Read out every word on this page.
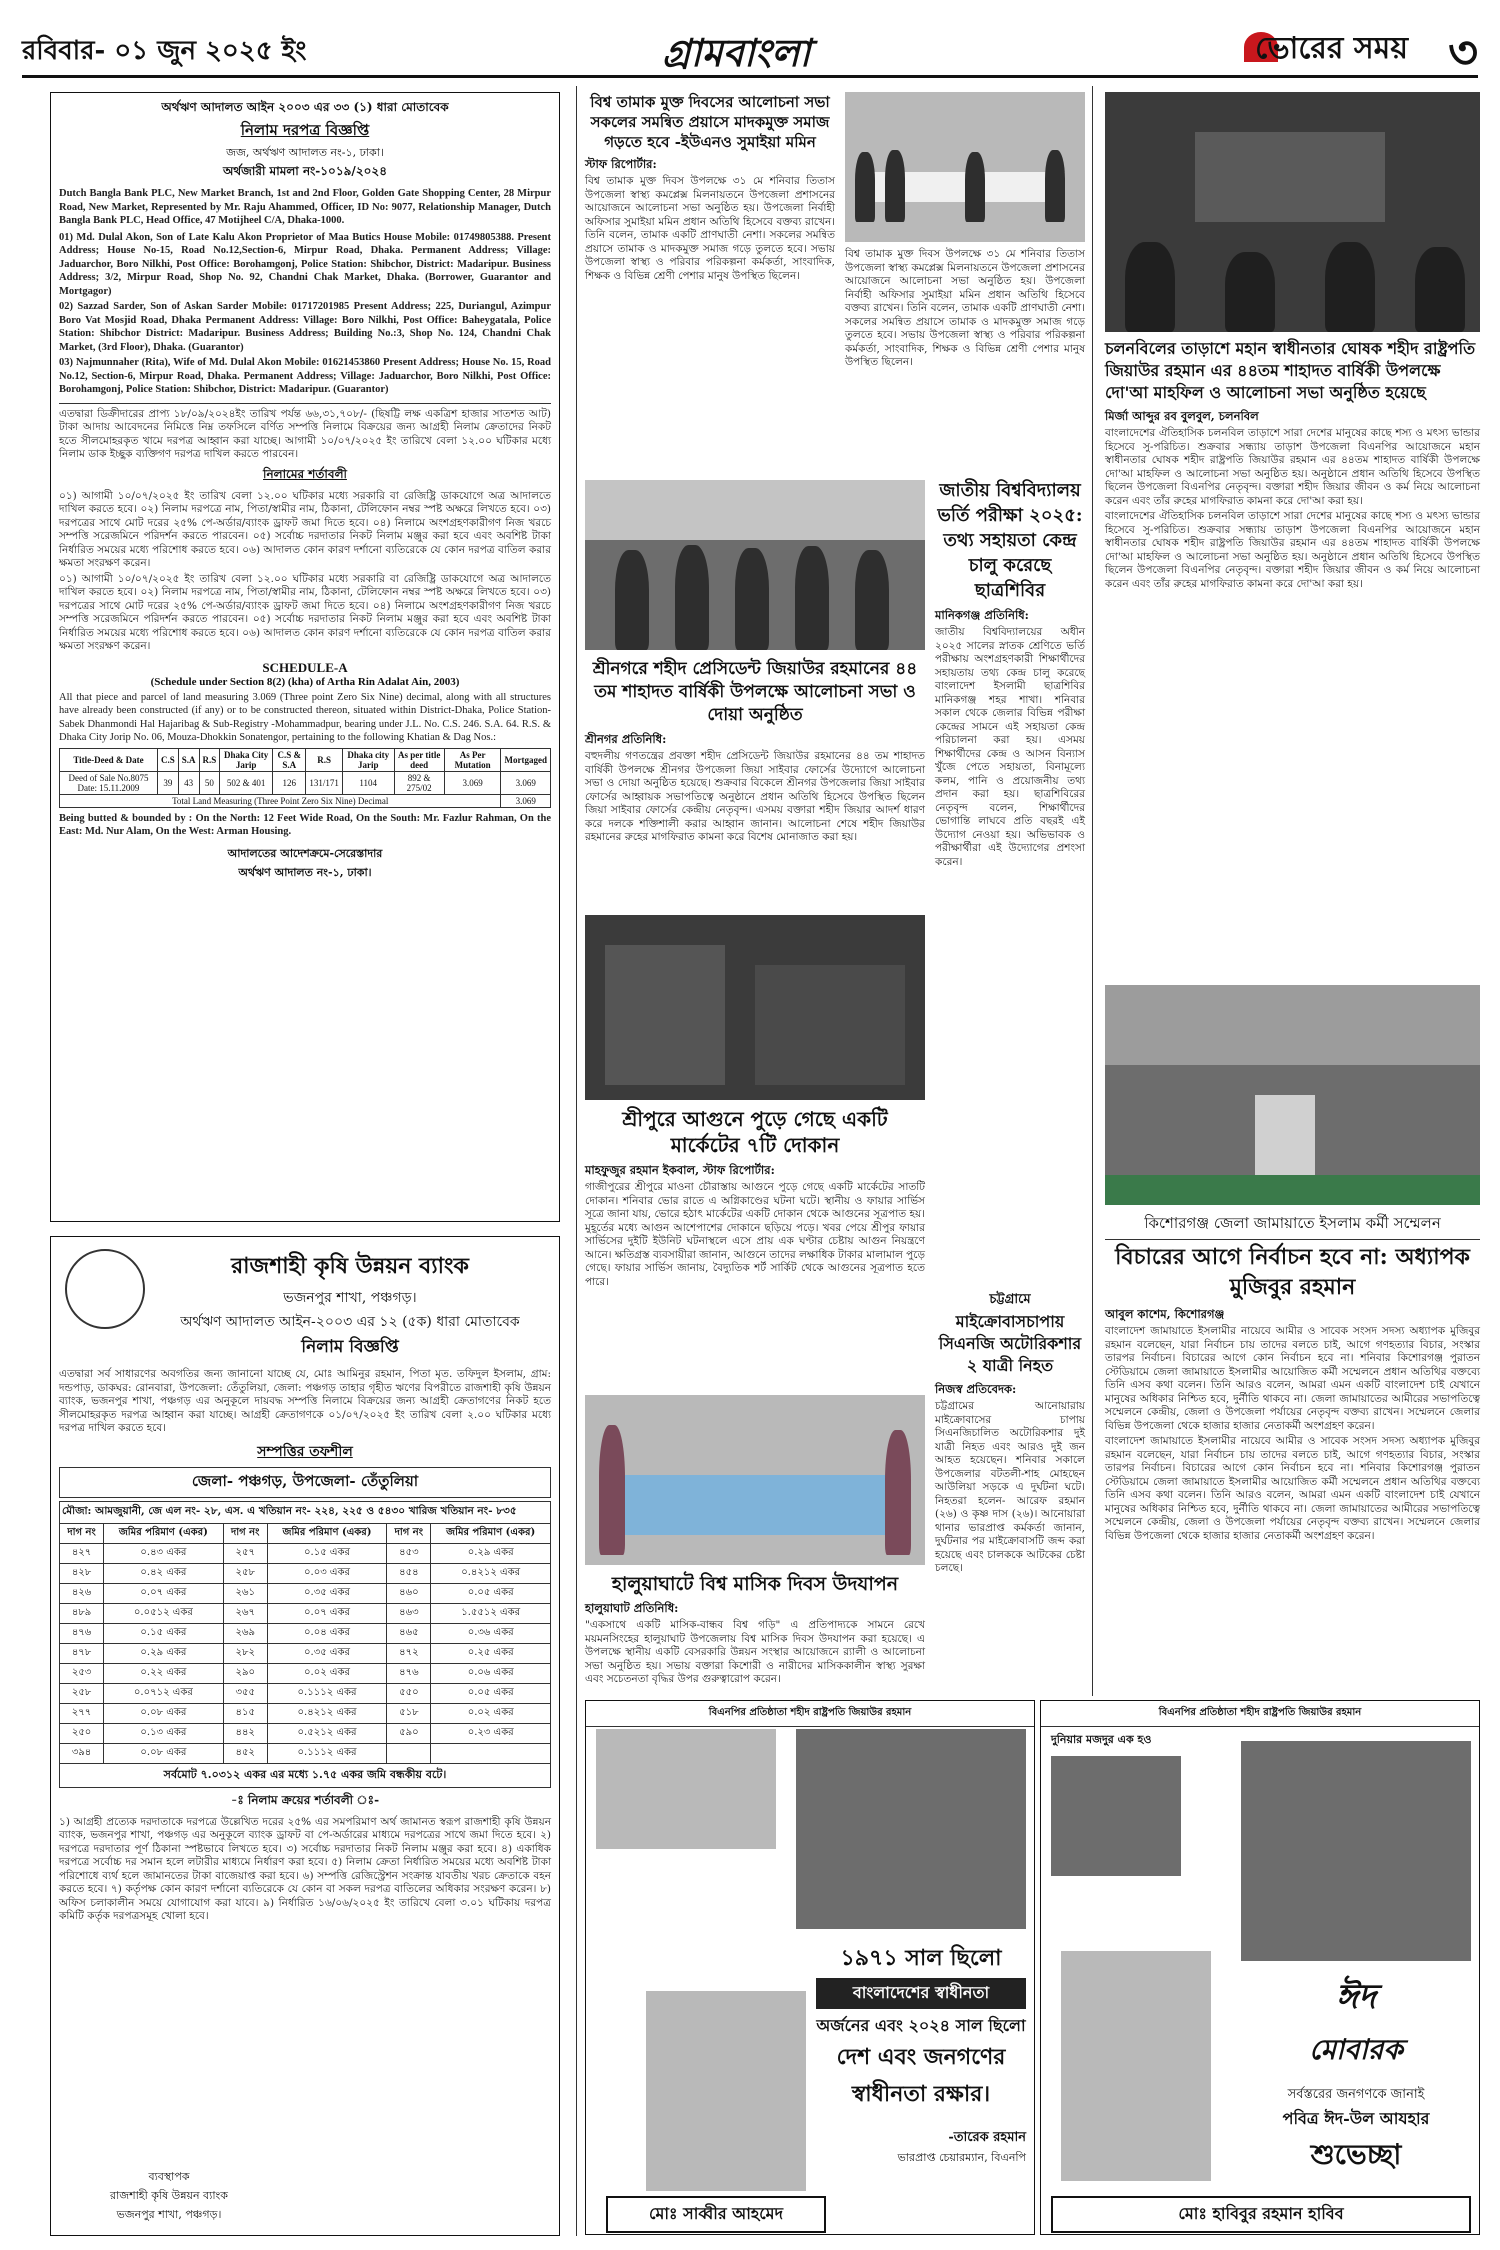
রবিবার- ০১ জুন ২০২৫ ইং	গ্রামবাংলা	ভোরের সময় ৩
অর্থঋণ আদালত আইন ২০০৩ এর ৩৩ (১) ধারা মোতাবেক
নিলাম দরপত্র বিজ্ঞপ্তি
জজ, অর্থঋণ আদালত নং-১, ঢাকা।
অর্থজারী মামলা নং-১০১৯/২০২৪
Dutch Bangla Bank PLC, New Market Branch, 1st and 2nd Floor, Golden Gate Shopping Center, 28 Mirpur Road, New Market, Represented by Mr. Raju Ahammed, Officer, ID No: 9077, Relationship Manager, Dutch Bangla Bank PLC, Head Office, 47 Motijheel C/A, Dhaka-1000.
01) Md. Dulal Akon, Son of Late Kalu Akon Proprietor of Maa Butics House Mobile: 01749805388. Present Address; House No-15, Road No.12,Section-6, Mirpur Road, Dhaka. Permanent Address; Village: Jaduarchor, Boro Nilkhi, Post Office: Borohamgonj, Police Station: Shibchor, District: Madaripur. Business Address; 3/2, Mirpur Road, Shop No. 92, Chandni Chak Market, Dhaka. (Borrower, Guarantor and Mortgagor)
02) Sazzad Sarder, Son of Askan Sarder Mobile: 01717201985 Present Address; 225, Duriangul, Azimpur Boro Vat Mosjid Road, Dhaka Permanent Address: Village: Boro Nilkhi, Post Office: Baheygatala, Police Station: Shibchor District: Madaripur. Business Address; Building No.:3, Shop No. 124, Chandni Chak Market, (3rd Floor), Dhaka. (Guarantor)
03) Najmunnaher (Rita), Wife of Md. Dulal Akon Mobile: 01621453860 Present Address; House No. 15, Road No.12, Section-6, Mirpur Road, Dhaka. Permanent Address; Village: Jaduarchor, Boro Nilkhi, Post Office: Borohamgonj, Police Station: Shibchor, District: Madaripur. (Guarantor)
এতদ্বারা ডিক্রীদারের প্রাপ্য ১৮/০৯/২০২৪ইং তারিখ পর্যন্ত ৬৬,৩১,৭০৮/- (ছিষট্টি লক্ষ একত্রিশ হাজার সাতশত আট) টাকা আদায় আবেদনের নিমিত্তে নিম্ন তফসিলে বর্ণিত সম্পত্তি নিলামে বিক্রয়ের জন্য আগ্রহী নিলাম ক্রেতাদের নিকট হতে সীলমোহরকৃত খামে দরপত্র আহ্বান করা যাচ্ছে। আগামী ১০/০৭/২০২৫ ইং তারিখে বেলা ১২.০০ ঘটিকার মধ্যে নিলাম ডাক ইচ্ছুক ব্যক্তিগণ দরপত্র দাখিল করতে পারবেন।
নিলামের শর্তাবলী
০১) আগামী ১০/০৭/২০২৫ ইং তারিখ বেলা ১২.০০ ঘটিকার মধ্যে সরকারি বা রেজিষ্ট্রি ডাকযোগে অত্র আদালতে দাখিল করতে হবে। ০২) নিলাম দরপত্রে নাম, পিতা/স্বামীর নাম, ঠিকানা, টেলিফোন নম্বর স্পষ্ট অক্ষরে লিখতে হবে। ০৩) দরপত্রের সাথে মোট দরের ২৫% পে-অর্ডার/ব্যাংক ড্রাফট জমা দিতে হবে। ০৪) নিলামে অংশগ্রহণকারীগণ নিজ খরচে সম্পত্তি সরেজমিনে পরিদর্শন করতে পারবেন। ০৫) সর্বোচ্চ দরদাতার নিকট নিলাম মঞ্জুর করা হবে এবং অবশিষ্ট টাকা নির্ধারিত সময়ের মধ্যে পরিশোধ করতে হবে। ০৬) আদালত কোন কারণ দর্শানো ব্যতিরেকে যে কোন দরপত্র বাতিল করার ক্ষমতা সংরক্ষণ করেন।
০১) আগামী ১০/০৭/২০২৫ ইং তারিখ বেলা ১২.০০ ঘটিকার মধ্যে সরকারি বা রেজিষ্ট্রি ডাকযোগে অত্র আদালতে দাখিল করতে হবে। ০২) নিলাম দরপত্রে নাম, পিতা/স্বামীর নাম, ঠিকানা, টেলিফোন নম্বর স্পষ্ট অক্ষরে লিখতে হবে। ০৩) দরপত্রের সাথে মোট দরের ২৫% পে-অর্ডার/ব্যাংক ড্রাফট জমা দিতে হবে। ০৪) নিলামে অংশগ্রহণকারীগণ নিজ খরচে সম্পত্তি সরেজমিনে পরিদর্শন করতে পারবেন। ০৫) সর্বোচ্চ দরদাতার নিকট নিলাম মঞ্জুর করা হবে এবং অবশিষ্ট টাকা নির্ধারিত সময়ের মধ্যে পরিশোধ করতে হবে। ০৬) আদালত কোন কারণ দর্শানো ব্যতিরেকে যে কোন দরপত্র বাতিল করার ক্ষমতা সংরক্ষণ করেন।
SCHEDULE-A
(Schedule under Section 8(2) (kha) of Artha Rin Adalat Ain, 2003)
All that piece and parcel of land measuring 3.069 (Three point Zero Six Nine) decimal, along with all structures have already been constructed (if any) or to be constructed thereon, situated within District-Dhaka, Police Station-Sabek Dhanmondi Hal Hajaribag & Sub-Registry -Mohammadpur, bearing under J.L. No. C.S. 246. S.A. 64. R.S. & Dhaka City Jorip No. 06, Mouza-Dhokkin Sonatengor, pertaining to the following Khatian & Dag Nos.:
Title-Deed & Date	C.S	S.A	R.S	Dhaka City Jarip	C.S & S.A	R.S	Dhaka city Jarip	As per title deed	As Per Mutation	Mortgaged
Deed of Sale No.8075 Date: 15.11.2009	39	43	50	502 & 401	126	131/171	1104	892 & 275/02	3.069	3.069
Total Land Measuring (Three Point Zero Six Nine) Decimal										3.069
Being butted & bounded by : On the North: 12 Feet Wide Road, On the South: Mr. Fazlur Rahman, On the East: Md. Nur Alam, On the West: Arman Housing.
আদালতের আদেশক্রমে-সেরেস্তাদার
অর্থঋণ আদালত নং-১, ঢাকা।
রাজশাহী কৃষি উন্নয়ন ব্যাংক
ভজনপুর শাখা, পঞ্চগড়।
অর্থঋণ আদালত আইন-২০০৩ এর ১২ (৫ক) ধারা মোতাবেক
নিলাম বিজ্ঞপ্তি
এতদ্বারা সর্ব সাধারণের অবগতির জন্য জানানো যাচ্ছে যে, মোঃ আমিনুর রহমান, পিতা মৃত. তফিদুল ইসলাম, গ্রাম: দন্ডপাড়, ডাকঘর: রোনবারা, উপজেলা: তেঁতুলিয়া, জেলা: পঞ্চগড় তাহার গৃহীত ঋণের বিপরীতে রাজশাহী কৃষি উন্নয়ন ব্যাংক, ভজনপুর শাখা, পঞ্চগড় এর অনুকূলে দায়বদ্ধ সম্পত্তি নিলামে বিক্রয়ের জন্য আগ্রহী ক্রেতাগণের নিকট হতে সীলমোহরকৃত দরপত্র আহ্বান করা যাচ্ছে। আগ্রহী ক্রেতাগণকে ০১/০৭/২০২৫ ইং তারিখ বেলা ২.০০ ঘটিকার মধ্যে দরপত্র দাখিল করতে হবে।
সম্পত্তির তফশীল
জেলা- পঞ্চগড়, উপজেলা- তেঁতুলিয়া
মৌজা: আমজুয়ানী, জে এল নং- ২৮, এস. এ খতিয়ান নং- ২২৪, ২২৫ ও ৫৪৩০ খারিজ খতিয়ান নং- ৮৩৫
দাগ নং	জমির পরিমাণ (একর)	দাগ নং	জমির পরিমাণ (একর)	দাগ নং	জমির পরিমাণ (একর)
৪২৭	০.৪৩ একর	২৫৭	০.১৫ একর	৪৫৩	০.২৯ একর
৪২৮	০.৪২ একর	২৫৮	০.০৩ একর	৪৫৪	০.৪২১২ একর
৪২৬	০.০৭ একর	২৬১	০.৩৫ একর	৪৬০	০.০৫ একর
৪৮৯	০.০৫১২ একর	২৬৭	০.০৭ একর	৪৬৩	১.৫৫১২ একর
৪৭৬	০.১৫ একর	২৬৯	০.০৪ একর	৪৬৫	০.৩৬ একর
৪৭৮	০.২৯ একর	২৮২	০.৩৫ একর	৪৭২	০.২৫ একর
২৫৩	০.২২ একর	২৯০	০.০২ একর	৪৭৬	০.০৬ একর
২৫৮	০.০৭১২ একর	৩৫৫	০.১১১২ একর	৫৫০	০.০৫ একর
২৭৭	০.০৮ একর	৪১৫	০.৪২১২ একর	৫১৮	০.০২ একর
২৫০	০.১৩ একর	৪৪২	০.৫২১২ একর	৫৯০	০.২৩ একর
৩৯৪	০.০৮ একর	৪৫২	০.১১১২ একর		
সর্বমোট ৭.০৩১২ একর এর মধ্যে ১.৭৫ একর জমি বন্ধকীয় বটে।
-ঃ নিলাম ক্রয়ের শর্তাবলী ঃ-
১) আগ্রহী প্রত্যেক দরদাতাকে দরপত্রে উল্লেখিত দরের ২৫% এর সমপরিমাণ অর্থ জামানত স্বরূপ রাজশাহী কৃষি উন্নয়ন ব্যাংক, ভজনপুর শাখা, পঞ্চগড় এর অনুকূলে ব্যাংক ড্রাফট বা পে-অর্ডারের মাধ্যমে দরপত্রের সাথে জমা দিতে হবে। ২) দরপত্রে দরদাতার পূর্ণ ঠিকানা স্পষ্টভাবে লিখতে হবে। ৩) সর্বোচ্চ দরদাতার নিকট নিলাম মঞ্জুর করা হবে। ৪) একাধিক দরপত্রে সর্বোচ্চ দর সমান হলে লটারীর মাধ্যমে নির্ধারণ করা হবে। ৫) নিলাম ক্রেতা নির্ধারিত সময়ের মধ্যে অবশিষ্ট টাকা পরিশোধে ব্যর্থ হলে জামানতের টাকা বাজেয়াপ্ত করা হবে। ৬) সম্পত্তি রেজিস্ট্রেশন সংক্রান্ত যাবতীয় খরচ ক্রেতাকে বহন করতে হবে। ৭) কর্তৃপক্ষ কোন কারণ দর্শানো ব্যতিরেকে যে কোন বা সকল দরপত্র বাতিলের অধিকার সংরক্ষণ করেন। ৮) অফিস চলাকালীন সময়ে যোগাযোগ করা যাবে। ৯) নির্ধারিত ১৬/০৬/২০২৫ ইং তারিখে বেলা ৩.০১ ঘটিকায় দরপত্র কমিটি কর্তৃক দরপত্রসমূহ খোলা হবে।
ব্যবস্থাপক
রাজশাহী কৃষি উন্নয়ন ব্যাংক
ভজনপুর শাখা, পঞ্চগড়।
বিশ্ব তামাক মুক্ত দিবসের আলোচনা সভা সকলের সমন্বিত প্রয়াসে মাদকমুক্ত সমাজ গড়তে হবে -ইউএনও সুমাইয়া মমিন
স্টাফ রিপোর্টার:
বিশ্ব তামাক মুক্ত দিবস উপলক্ষে ৩১ মে শনিবার তিতাস উপজেলা স্বাস্থ্য কমপ্লেক্স মিলনায়তনে উপজেলা প্রশাসনের আয়োজনে আলোচনা সভা অনুষ্ঠিত হয়। উপজেলা নির্বাহী অফিসার সুমাইয়া মমিন প্রধান অতিথি হিসেবে বক্তব্য রাখেন। তিনি বলেন, তামাক একটি প্রাণঘাতী নেশা। সকলের সমন্বিত প্রয়াসে তামাক ও মাদকমুক্ত সমাজ গড়ে তুলতে হবে। সভায় উপজেলা স্বাস্থ্য ও পরিবার পরিকল্পনা কর্মকর্তা, সাংবাদিক, শিক্ষক ও বিভিন্ন শ্রেণী পেশার মানুষ উপস্থিত ছিলেন।
বিশ্ব তামাক মুক্ত দিবস উপলক্ষে ৩১ মে শনিবার তিতাস উপজেলা স্বাস্থ্য কমপ্লেক্স মিলনায়তনে উপজেলা প্রশাসনের আয়োজনে আলোচনা সভা অনুষ্ঠিত হয়। উপজেলা নির্বাহী অফিসার সুমাইয়া মমিন প্রধান অতিথি হিসেবে বক্তব্য রাখেন। তিনি বলেন, তামাক একটি প্রাণঘাতী নেশা। সকলের সমন্বিত প্রয়াসে তামাক ও মাদকমুক্ত সমাজ গড়ে তুলতে হবে। সভায় উপজেলা স্বাস্থ্য ও পরিবার পরিকল্পনা কর্মকর্তা, সাংবাদিক, শিক্ষক ও বিভিন্ন শ্রেণী পেশার মানুষ উপস্থিত ছিলেন।
চলনবিলের তাড়াশে মহান স্বাধীনতার ঘোষক শহীদ রাষ্ট্রপতি জিয়াউর রহমান এর ৪৪তম শাহাদত বার্ষিকী উপলক্ষে দো'আ মাহফিল ও আলোচনা সভা অনুষ্ঠিত হয়েছে
মির্জা আব্দুর রব বুলবুল, চলনবিল
বাংলাদেশের ঐতিহাসিক চলনবিল তাড়াশে সারা দেশের মানুষের কাছে শস্য ও মৎস্য ভান্ডার হিসেবে সু-পরিচিত। শুক্রবার সন্ধ্যায় তাড়াশ উপজেলা বিএনপির আয়োজনে মহান স্বাধীনতার ঘোষক শহীদ রাষ্ট্রপতি জিয়াউর রহমান এর ৪৪তম শাহাদত বার্ষিকী উপলক্ষে দো'আ মাহফিল ও আলোচনা সভা অনুষ্ঠিত হয়। অনুষ্ঠানে প্রধান অতিথি হিসেবে উপস্থিত ছিলেন উপজেলা বিএনপির নেতৃবৃন্দ। বক্তারা শহীদ জিয়ার জীবন ও কর্ম নিয়ে আলোচনা করেন এবং তাঁর রুহের মাগফিরাত কামনা করে দো'আ করা হয়।
বাংলাদেশের ঐতিহাসিক চলনবিল তাড়াশে সারা দেশের মানুষের কাছে শস্য ও মৎস্য ভান্ডার হিসেবে সু-পরিচিত। শুক্রবার সন্ধ্যায় তাড়াশ উপজেলা বিএনপির আয়োজনে মহান স্বাধীনতার ঘোষক শহীদ রাষ্ট্রপতি জিয়াউর রহমান এর ৪৪তম শাহাদত বার্ষিকী উপলক্ষে দো'আ মাহফিল ও আলোচনা সভা অনুষ্ঠিত হয়। অনুষ্ঠানে প্রধান অতিথি হিসেবে উপস্থিত ছিলেন উপজেলা বিএনপির নেতৃবৃন্দ। বক্তারা শহীদ জিয়ার জীবন ও কর্ম নিয়ে আলোচনা করেন এবং তাঁর রুহের মাগফিরাত কামনা করে দো'আ করা হয়।
শ্রীনগরে শহীদ প্রেসিডেন্ট জিয়াউর রহমানের ৪৪ তম শাহাদত বার্ষিকী উপলক্ষে আলোচনা সভা ও দোয়া অনুষ্ঠিত
শ্রীনগর প্রতিনিধি:
বহুদলীয় গণতন্ত্রের প্রবক্তা শহীদ প্রেসিডেন্ট জিয়াউর রহমানের ৪৪ তম শাহাদত বার্ষিকী উপলক্ষে শ্রীনগর উপজেলা জিয়া সাইবার ফোর্সের উদ্যোগে আলোচনা সভা ও দোয়া অনুষ্ঠিত হয়েছে। শুক্রবার বিকেলে শ্রীনগর উপজেলার জিয়া সাইবার ফোর্সের আহ্বায়ক সভাপতিত্বে অনুষ্ঠানে প্রধান অতিথি হিসেবে উপস্থিত ছিলেন জিয়া সাইবার ফোর্সের কেন্দ্রীয় নেতৃবৃন্দ। এসময় বক্তারা শহীদ জিয়ার আদর্শ ধারণ করে দলকে শক্তিশালী করার আহ্বান জানান। আলোচনা শেষে শহীদ জিয়াউর রহমানের রুহের মাগফিরাত কামনা করে বিশেষ মোনাজাত করা হয়।
জাতীয় বিশ্ববিদ্যালয় ভর্তি পরীক্ষা ২০২৫: তথ্য সহায়তা কেন্দ্র চালু করেছে ছাত্রশিবির
মানিকগঞ্জ প্রতিনিধি:
জাতীয় বিশ্ববিদ্যালয়ের অধীন ২০২৫ সালের স্নাতক শ্রেণিতে ভর্তি পরীক্ষায় অংশগ্রহণকারী শিক্ষার্থীদের সহায়তায় তথ্য কেন্দ্র চালু করেছে বাংলাদেশ ইসলামী ছাত্রশিবির মানিকগঞ্জ শহর শাখা। শনিবার সকাল থেকে জেলার বিভিন্ন পরীক্ষা কেন্দ্রের সামনে এই সহায়তা কেন্দ্র পরিচালনা করা হয়। এসময় শিক্ষার্থীদের কেন্দ্র ও আসন বিন্যাস খুঁজে পেতে সহায়তা, বিনামূল্যে কলম, পানি ও প্রয়োজনীয় তথ্য প্রদান করা হয়। ছাত্রশিবিরের নেতৃবৃন্দ বলেন, শিক্ষার্থীদের ভোগান্তি লাঘবে প্রতি বছরই এই উদ্যোগ নেওয়া হয়। অভিভাবক ও পরীক্ষার্থীরা এই উদ্যোগের প্রশংসা করেন।
শ্রীপুরে আগুনে পুড়ে গেছে একটি মার্কেটের ৭টি দোকান
মাহফুজুর রহমান ইকবাল, স্টাফ রিপোর্টার:
গাজীপুরের শ্রীপুরে মাওনা চৌরাস্তায় আগুনে পুড়ে গেছে একটি মার্কেটের সাতটি দোকান। শনিবার ভোর রাতে এ অগ্নিকাণ্ডের ঘটনা ঘটে। স্থানীয় ও ফায়ার সার্ভিস সূত্রে জানা যায়, ভোরে হঠাৎ মার্কেটের একটি দোকান থেকে আগুনের সূত্রপাত হয়। মুহূর্তের মধ্যে আগুন আশেপাশের দোকানে ছড়িয়ে পড়ে। খবর পেয়ে শ্রীপুর ফায়ার সার্ভিসের দুইটি ইউনিট ঘটনাস্থলে এসে প্রায় এক ঘণ্টার চেষ্টায় আগুন নিয়ন্ত্রণে আনে। ক্ষতিগ্রস্ত ব্যবসায়ীরা জানান, আগুনে তাদের লক্ষাধিক টাকার মালামাল পুড়ে গেছে। ফায়ার সার্ভিস জানায়, বৈদ্যুতিক শর্ট সার্কিট থেকে আগুনের সূত্রপাত হতে পারে।
হালুয়াঘাটে বিশ্ব মাসিক দিবস উদযাপন
হালুয়াঘাট প্রতিনিধি:
"একসাথে একটি মাসিক-বান্ধব বিশ্ব গড়ি" এ প্রতিপাদ্যকে সামনে রেখে ময়মনসিংহের হালুয়াঘাট উপজেলায় বিশ্ব মাসিক দিবস উদযাপন করা হয়েছে। এ উপলক্ষে স্থানীয় একটি বেসরকারি উন্নয়ন সংস্থার আয়োজনে র‍্যালী ও আলোচনা সভা অনুষ্ঠিত হয়। সভায় বক্তারা কিশোরী ও নারীদের মাসিককালীন স্বাস্থ্য সুরক্ষা এবং সচেতনতা বৃদ্ধির উপর গুরুত্বারোপ করেন।
চট্টগ্রামে
মাইক্রোবাসচাপায় সিএনজি অটোরিকশার ২ যাত্রী নিহত
নিজস্ব প্রতিবেদক:
চট্টগ্রামের আনোয়ারায় মাইক্রোবাসের চাপায় সিএনজিচালিত অটোরিকশার দুই যাত্রী নিহত এবং আরও দুই জন আহত হয়েছেন। শনিবার সকালে উপজেলার বটতলী-শাহ মোহছেন আউলিয়া সড়কে এ দুর্ঘটনা ঘটে। নিহতরা হলেন- আরেফ রহমান (২৬) ও কৃষ্ণ দাস (২৬)। আনোয়ারা থানার ভারপ্রাপ্ত কর্মকর্তা জানান, দুর্ঘটনার পর মাইক্রোবাসটি জব্দ করা হয়েছে এবং চালককে আটকের চেষ্টা চলছে।
কিশোরগঞ্জ জেলা জামায়াতে ইসলাম কর্মী সম্মেলন
বিচারের আগে নির্বাচন হবে না: অধ্যাপক মুজিবুর রহমান
আবুল কাশেম, কিশোরগঞ্জ
বাংলাদেশ জামায়াতে ইসলামীর নায়েবে আমীর ও সাবেক সংসদ সদস্য অধ্যাপক মুজিবুর রহমান বলেছেন, যারা নির্বাচন চায় তাদের বলতে চাই, আগে গণহত্যার বিচার, সংস্কার তারপর নির্বাচন। বিচারের আগে কোন নির্বাচন হবে না। শনিবার কিশোরগঞ্জ পুরাতন স্টেডিয়ামে জেলা জামায়াতে ইসলামীর আয়োজিত কর্মী সম্মেলনে প্রধান অতিথির বক্তব্যে তিনি এসব কথা বলেন। তিনি আরও বলেন, আমরা এমন একটি বাংলাদেশ চাই যেখানে মানুষের অধিকার নিশ্চিত হবে, দুর্নীতি থাকবে না। জেলা জামায়াতের আমীরের সভাপতিত্বে সম্মেলনে কেন্দ্রীয়, জেলা ও উপজেলা পর্যায়ের নেতৃবৃন্দ বক্তব্য রাখেন। সম্মেলনে জেলার বিভিন্ন উপজেলা থেকে হাজার হাজার নেতাকর্মী অংশগ্রহণ করেন।
বাংলাদেশ জামায়াতে ইসলামীর নায়েবে আমীর ও সাবেক সংসদ সদস্য অধ্যাপক মুজিবুর রহমান বলেছেন, যারা নির্বাচন চায় তাদের বলতে চাই, আগে গণহত্যার বিচার, সংস্কার তারপর নির্বাচন। বিচারের আগে কোন নির্বাচন হবে না। শনিবার কিশোরগঞ্জ পুরাতন স্টেডিয়ামে জেলা জামায়াতে ইসলামীর আয়োজিত কর্মী সম্মেলনে প্রধান অতিথির বক্তব্যে তিনি এসব কথা বলেন। তিনি আরও বলেন, আমরা এমন একটি বাংলাদেশ চাই যেখানে মানুষের অধিকার নিশ্চিত হবে, দুর্নীতি থাকবে না। জেলা জামায়াতের আমীরের সভাপতিত্বে সম্মেলনে কেন্দ্রীয়, জেলা ও উপজেলা পর্যায়ের নেতৃবৃন্দ বক্তব্য রাখেন। সম্মেলনে জেলার বিভিন্ন উপজেলা থেকে হাজার হাজার নেতাকর্মী অংশগ্রহণ করেন।
বিএনপির প্রতিষ্ঠাতা শহীদ রাষ্ট্রপতি জিয়াউর রহমান
১৯৭১ সাল ছিলো
বাংলাদেশের স্বাধীনতা
অর্জনের এবং ২০২৪ সাল ছিলো
দেশ এবং জনগণের
স্বাধীনতা রক্ষার।
-তারেক রহমান
ভারপ্রাপ্ত চেয়ারম্যান, বিএনপি
মোঃ সাব্বীর আহমেদ
বিএনপির প্রতিষ্ঠাতা শহীদ রাষ্ট্রপতি জিয়াউর রহমান
দুনিয়ার মজদুর এক হও
ঈদ
মোবারক
সর্বস্তরের জনগণকে জানাই
পবিত্র ঈদ-উল আযহার
শুভেচ্ছা
মোঃ হাবিবুর রহমান হাবিব
